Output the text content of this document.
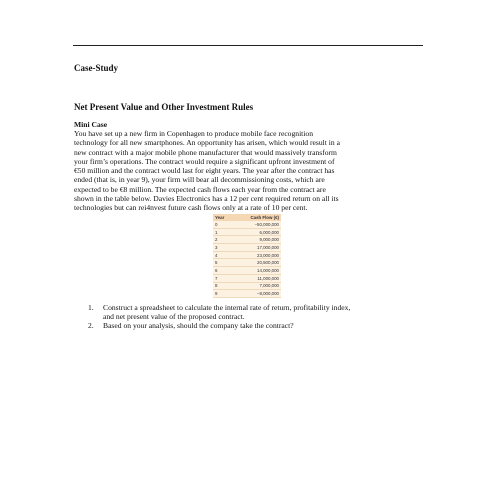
Case-Study
Net Present Value and Other Investment Rules
Mini Case
You have set up a new firm in Copenhagen to produce mobile face recognition
technology for all new smartphones. An opportunity has arisen, which would result in a
new contract with a major mobile phone manufacturer that would massively transform
your firm’s operations. The contract would require a significant upfront investment of
€50 million and the contract would last for eight years. The year after the contract has
ended (that is, in year 9), your firm will bear all decommissioning costs, which are
expected to be €8 million. The expected cash flows each year from the contract are
shown in the table below. Davies Electronics has a 12 per cent required return on all its
technologies but can rei4nvest future cash flows only at a rate of 10 per cent.
Year	Cash Flow (€)
0	−50,000,000
1	6,000,000
2	9,000,000
3	17,000,000
4	23,000,000
5	20,500,000
6	14,000,000
7	11,000,000
8	7,000,000
9	−8,000,000
1. Construct a spreadsheet to calculate the internal rate of return, profitability index,
and net present value of the proposed contract.
2. Based on your analysis, should the company take the contract?
